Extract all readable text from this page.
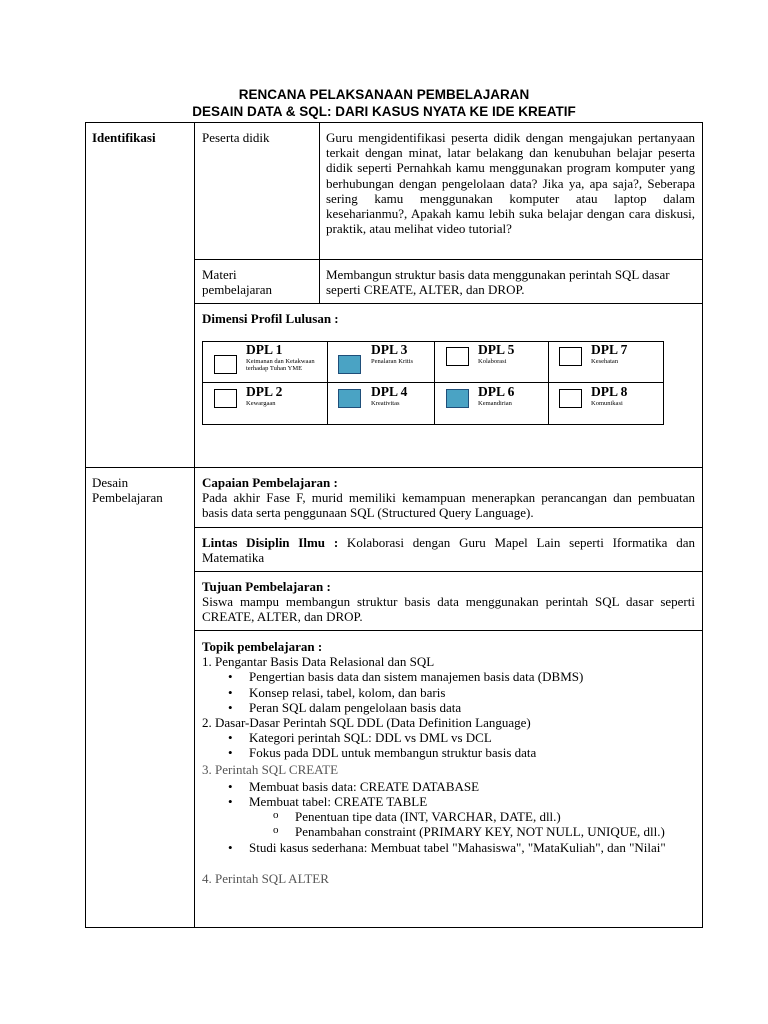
RENCANA PELAKSANAAN PEMBELAJARAN
DESAIN DATA & SQL: DARI KASUS NYATA KE IDE KREATIF
Identifikasi	Peserta didik	Guru mengidentifikasi peserta didik dengan mengajukan pertanyaan terkait dengan minat, latar belakang dan kenubuhan belajar peserta didik seperti Pernahkah kamu menggunakan program komputer yang berhubungan dengan pengelolaan data? Jika ya, apa saja?, Seberapa sering kamu menggunakan komputer atau laptop dalam keseharianmu?, Apakah kamu lebih suka belajar dengan cara diskusi, praktik, atau melihat video tutorial?
Materi
pembelajaran
Membangun struktur basis data menggunakan perintah SQL dasar seperti CREATE, ALTER, dan DROP.
Dimensi Profil Lulusan :
DPL 1
Keimanan dan Ketakwaan terhadap Tuhan YME
DPL 3
Penalaran Kritis
DPL 5
Kolaborasi
DPL 7
Kesehatan
DPL 2
Kewargaan
DPL 4
Kreativitas
DPL 6
Kemandirian
DPL 8
Komunikasi
Desain
Pembelajaran
Capaian Pembelajaran :
Pada akhir Fase F, murid memiliki kemampuan menerapkan perancangan dan pembuatan basis data serta penggunaan SQL (Structured Query Language).
Lintas Disiplin Ilmu : Kolaborasi dengan Guru Mapel Lain seperti Iformatika dan Matematika
Tujuan Pembelajaran :
Siswa mampu membangun struktur basis data menggunakan perintah SQL dasar seperti CREATE, ALTER, dan DROP.
Topik pembelajaran :
1. Pengantar Basis Data Relasional dan SQL
• Pengertian basis data dan sistem manajemen basis data (DBMS)
• Konsep relasi, tabel, kolom, dan baris
• Peran SQL dalam pengelolaan basis data
2. Dasar-Dasar Perintah SQL DDL (Data Definition Language)
• Kategori perintah SQL: DDL vs DML vs DCL
• Fokus pada DDL untuk membangun struktur basis data
3. Perintah SQL CREATE
• Membuat basis data: CREATE DATABASE
• Membuat tabel: CREATE TABLE
o Penentuan tipe data (INT, VARCHAR, DATE, dll.)
o Penambahan constraint (PRIMARY KEY, NOT NULL, UNIQUE, dll.)
• Studi kasus sederhana: Membuat tabel "Mahasiswa", "MataKuliah", dan "Nilai"
4. Perintah SQL ALTER
